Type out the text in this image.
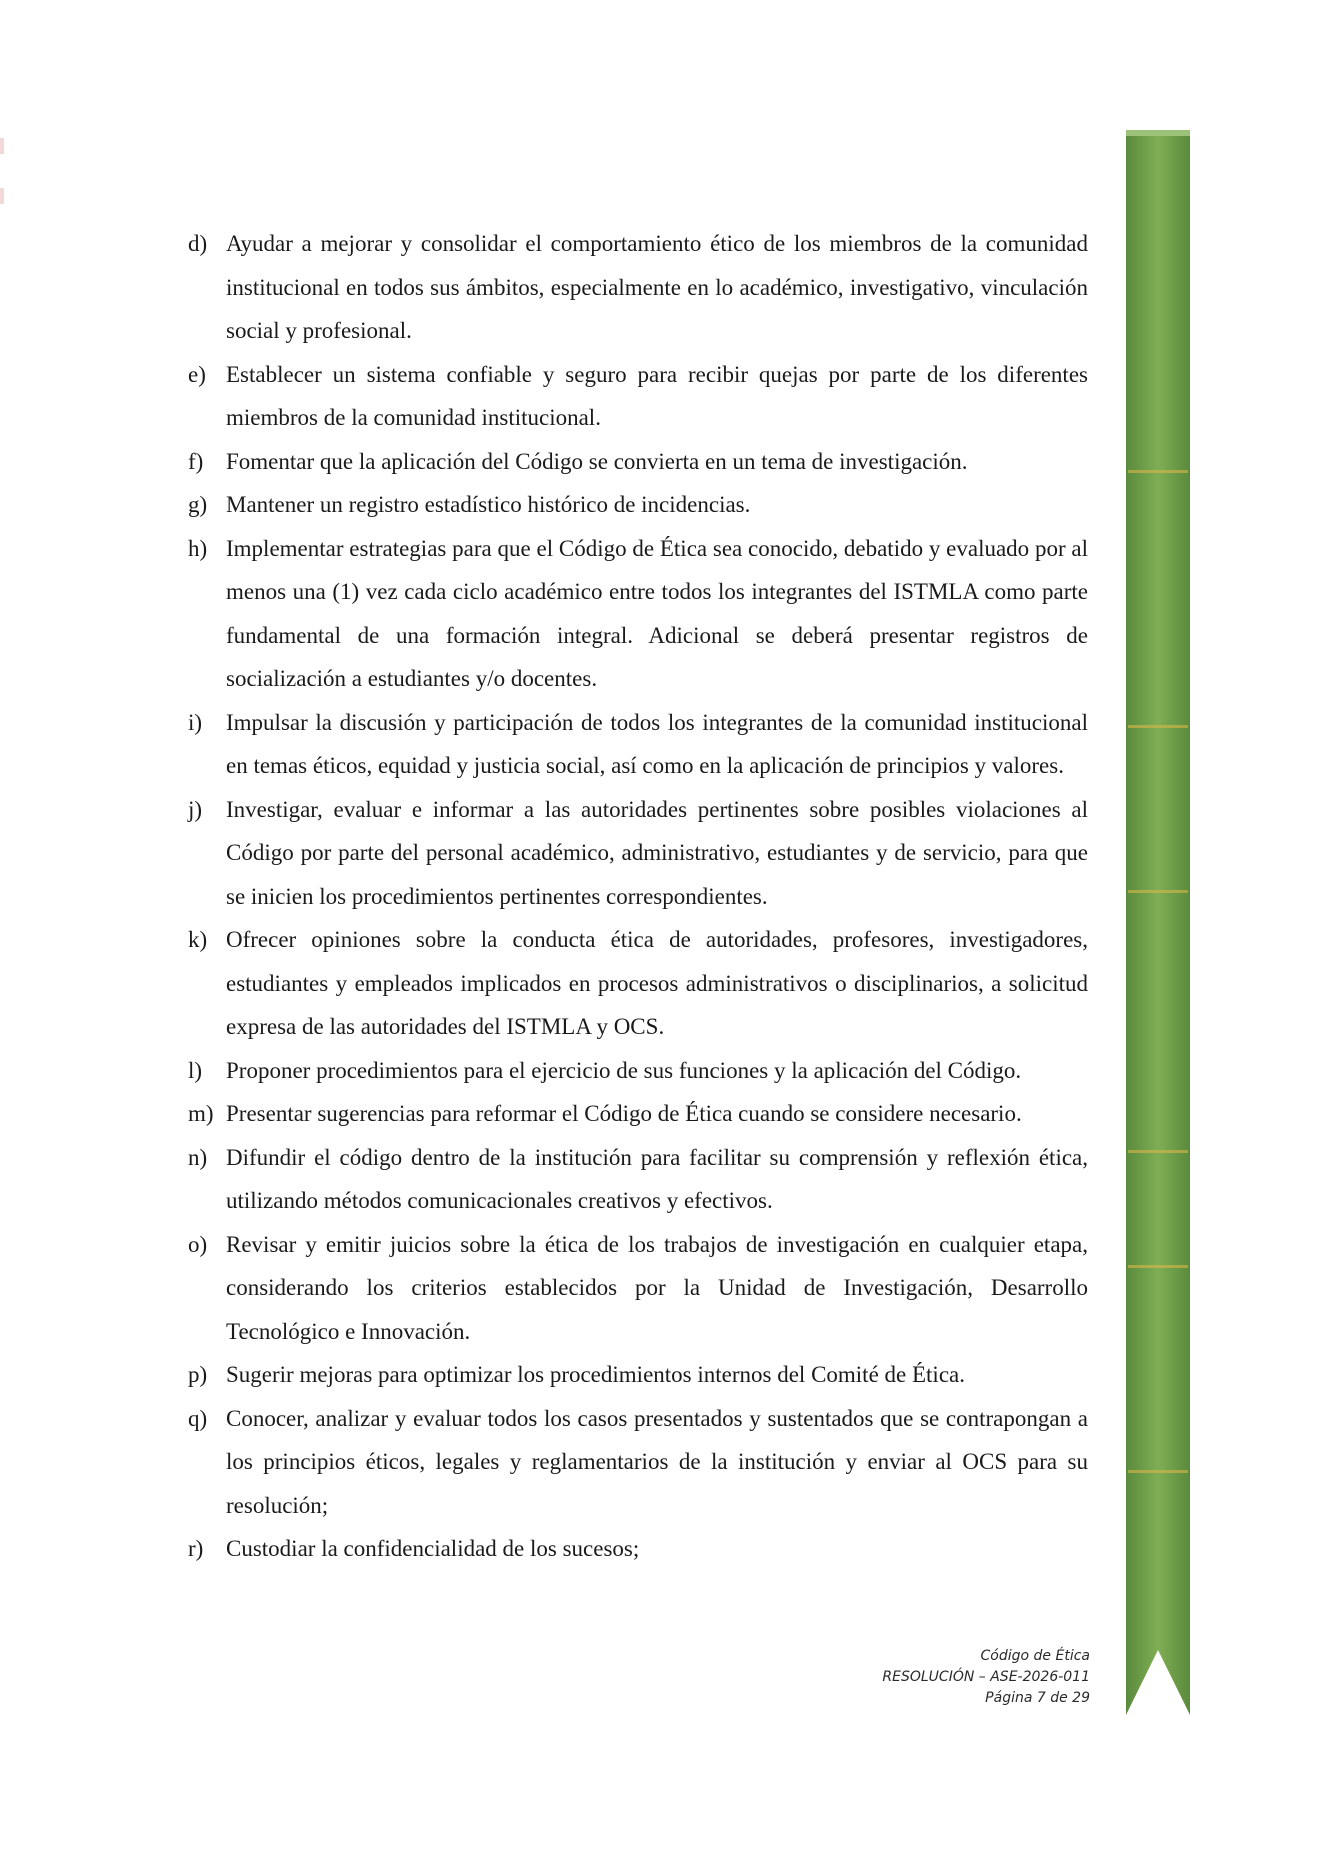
d) Ayudar a mejorar y consolidar el comportamiento ético de los miembros de la comunidad institucional en todos sus ámbitos, especialmente en lo académico, investigativo, vinculación social y profesional.
e) Establecer un sistema confiable y seguro para recibir quejas por parte de los diferentes miembros de la comunidad institucional.
f) Fomentar que la aplicación del Código se convierta en un tema de investigación.
g) Mantener un registro estadístico histórico de incidencias.
h) Implementar estrategias para que el Código de Ética sea conocido, debatido y evaluado por al menos una (1) vez cada ciclo académico entre todos los integrantes del ISTMLA como parte fundamental de una formación integral. Adicional se deberá presentar registros de socialización a estudiantes y/o docentes.
i)	Impulsar la discusión y participación de todos los integrantes de la comunidad institucional en temas éticos, equidad y justicia social, así como en la aplicación de principios y valores.
j)	Investigar, evaluar e informar a las autoridades pertinentes sobre posibles violaciones al Código por parte del personal académico, administrativo, estudiantes y de servicio, para que se inicien los procedimientos pertinentes correspondientes.
k) Ofrecer opiniones sobre la conducta ética de autoridades, profesores, investigadores, estudiantes y empleados implicados en procesos administrativos o disciplinarios, a solicitud expresa de las autoridades del ISTMLA y OCS.
l)	Proponer procedimientos para el ejercicio de sus funciones y la aplicación del Código.
m) Presentar sugerencias para reformar el Código de Ética cuando se considere necesario.
n) Difundir el código dentro de la institución para facilitar su comprensión y reflexión ética, utilizando métodos comunicacionales creativos y efectivos.
o) Revisar y emitir juicios sobre la ética de los trabajos de investigación en cualquier etapa, considerando los criterios establecidos por la Unidad de Investigación, Desarrollo Tecnológico e Innovación.
p) Sugerir mejoras para optimizar los procedimientos internos del Comité de Ética.
q) Conocer, analizar y evaluar todos los casos presentados y sustentados que se contrapongan a los principios éticos, legales y reglamentarios de la institución y enviar al OCS para su resolución;
r) Custodiar la confidencialidad de los sucesos;
Código de Ética
RESOLUCIÓN – ASE-2026-011
Página 7 de 29
